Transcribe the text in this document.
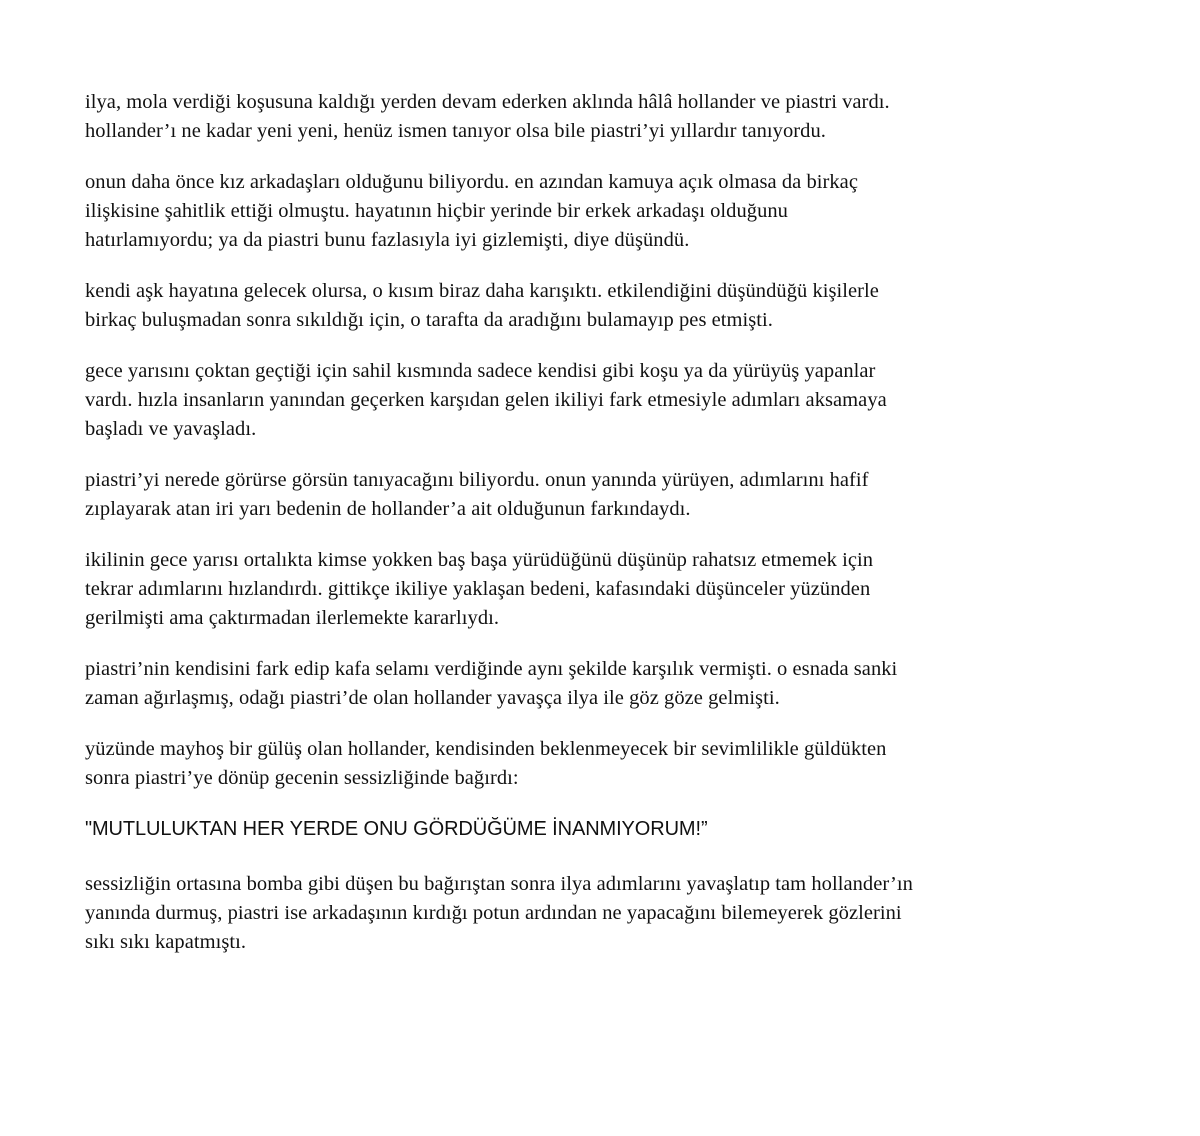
ilya, mola verdiği koşusuna kaldığı yerden devam ederken aklında hâlâ hollander ve piastri vardı.
hollander’ı ne kadar yeni yeni, henüz ismen tanıyor olsa bile piastri’yi yıllardır tanıyordu.

onun daha önce kız arkadaşları olduğunu biliyordu. en azından kamuya açık olmasa da birkaç
ilişkisine şahitlik ettiği olmuştu. hayatının hiçbir yerinde bir erkek arkadaşı olduğunu
hatırlamıyordu; ya da piastri bunu fazlasıyla iyi gizlemişti, diye düşündü.

kendi aşk hayatına gelecek olursa, o kısım biraz daha karışıktı. etkilendiğini düşündüğü kişilerle
birkaç buluşmadan sonra sıkıldığı için, o tarafta da aradığını bulamayıp pes etmişti.

gece yarısını çoktan geçtiği için sahil kısmında sadece kendisi gibi koşu ya da yürüyüş yapanlar
vardı. hızla insanların yanından geçerken karşıdan gelen ikiliyi fark etmesiyle adımları aksamaya
başladı ve yavaşladı.

piastri’yi nerede görürse görsün tanıyacağını biliyordu. onun yanında yürüyen, adımlarını hafif
zıplayarak atan iri yarı bedenin de hollander’a ait olduğunun farkındaydı.

ikilinin gece yarısı ortalıkta kimse yokken baş başa yürüdüğünü düşünüp rahatsız etmemek için
tekrar adımlarını hızlandırdı. gittikçe ikiliye yaklaşan bedeni, kafasındaki düşünceler yüzünden
gerilmişti ama çaktırmadan ilerlemekte kararlıydı.

piastri’nin kendisini fark edip kafa selamı verdiğinde aynı şekilde karşılık vermişti. o esnada sanki
zaman ağırlaşmış, odağı piastri’de olan hollander yavaşça ilya ile göz göze gelmişti.

yüzünde mayhoş bir gülüş olan hollander, kendisinden beklenmeyecek bir sevimlilikle güldükten
sonra piastri’ye dönüp gecenin sessizliğinde bağırdı:

"MUTLULUKTAN HER YERDE ONU GÖRDÜĞÜME İNANMIYORUM!”

sessizliğin ortasına bomba gibi düşen bu bağırıştan sonra ilya adımlarını yavaşlatıp tam hollander’ın
yanında durmuş, piastri ise arkadaşının kırdığı potun ardından ne yapacağını bilemeyerek gözlerini
sıkı sıkı kapatmıştı.
